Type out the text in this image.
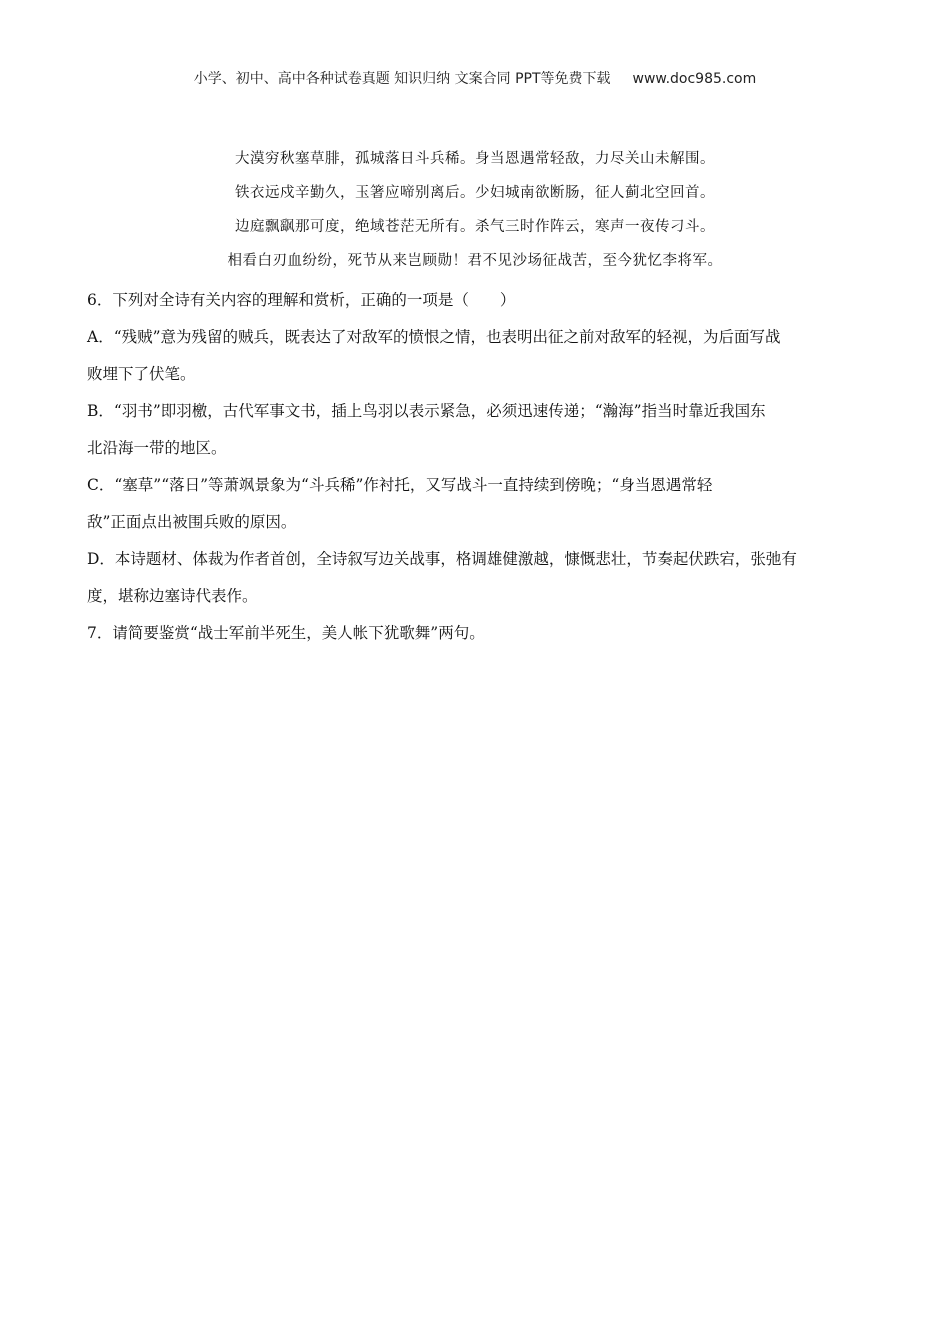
小学、初中、高中各种试卷真题 知识归纳 文案合同 PPT等免费下载 www.doc985.com
大漠穷秋塞草腓，孤城落日斗兵稀。身当恩遇常轻敌，力尽关山未解围。
铁衣远戍辛勤久，玉箸应啼别离后。少妇城南欲断肠，征人蓟北空回首。
边庭飘飖那可度，绝域苍茫无所有。杀气三时作阵云，寒声一夜传刁斗。
相看白刃血纷纷，死节从来岂顾勋！君不见沙场征战苦，至今犹忆李将军。
6．下列对全诗有关内容的理解和赏析，正确的一项是（　　）
A．“残贼”意为残留的贼兵，既表达了对敌军的愤恨之情，也表明出征之前对敌军的轻视，为后面写战
败埋下了伏笔。
B．“羽书”即羽檄，古代军事文书，插上鸟羽以表示紧急，必须迅速传递；“瀚海”指当时靠近我国东
北沿海一带的地区。
C．“塞草”“落日”等萧飒景象为“斗兵稀”作衬托，又写战斗一直持续到傍晚；“身当恩遇常轻
敌”正面点出被围兵败的原因。
D．本诗题材、体裁为作者首创，全诗叙写边关战事，格调雄健激越，慷慨悲壮，节奏起伏跌宕，张弛有
度，堪称边塞诗代表作。
7．请简要鉴赏“战士军前半死生，美人帐下犹歌舞”两句。
